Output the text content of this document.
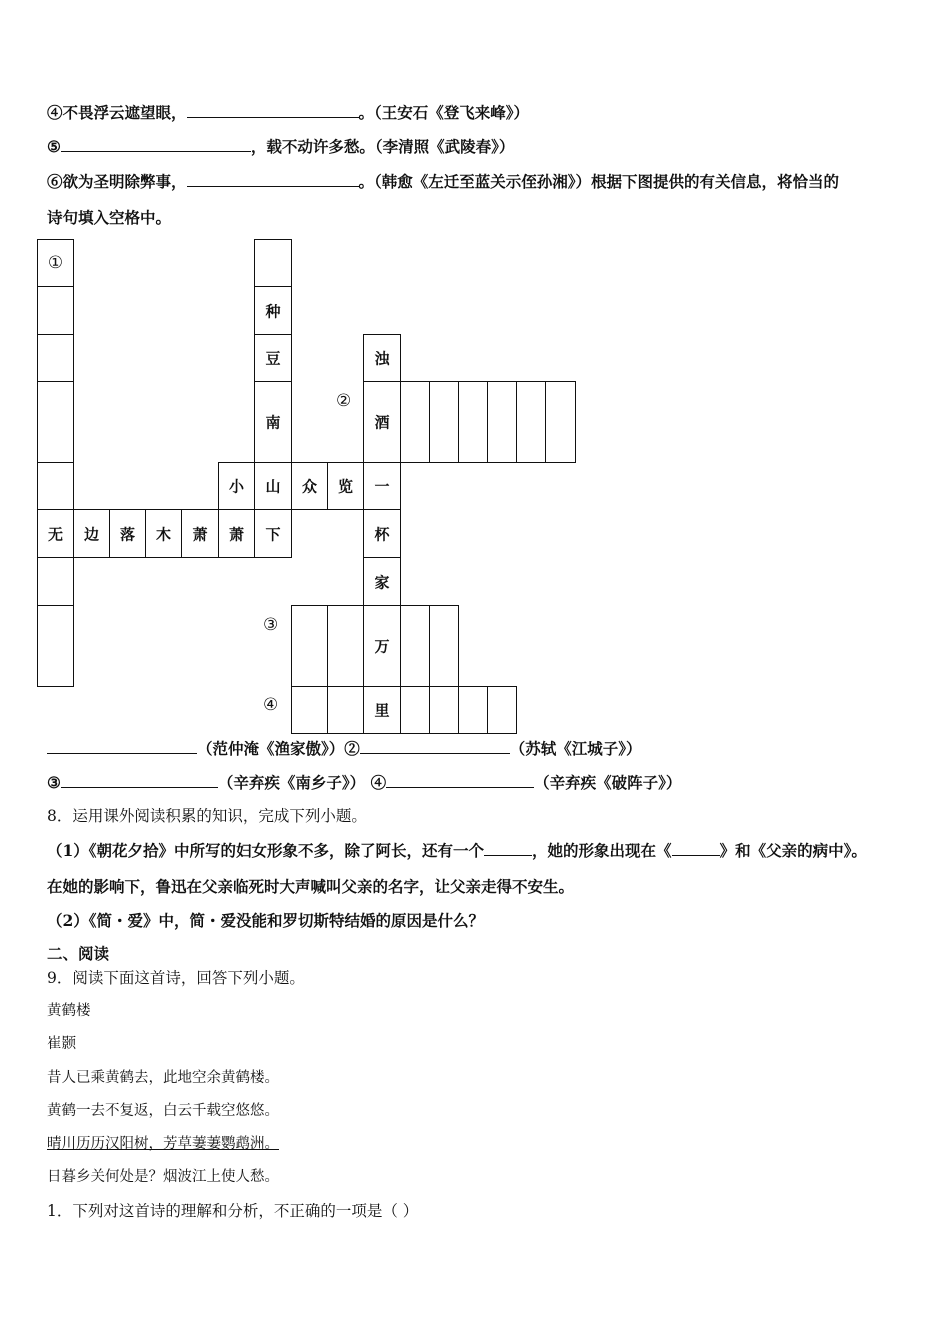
④不畏浮云遮望眼，	。（王安石《登飞来峰》）
⑤	，载不动许多愁。（李清照《武陵春》）
⑥欲为圣明除弊事，	。（韩愈《左迁至蓝关示侄孙湘》）根据下图提供的有关信息，将恰当的
诗句填入空格中。
①
无	边	落	木	萧	萧	下
种
豆
南
小	山	众	览	一
浊
酒
杯
家
万
里
②
③
④
（范仲淹《渔家傲》）②	（苏轼《江城子》）
③	（辛弃疾《南乡子》） ④	（辛弃疾《破阵子》）
8．运用课外阅读积累的知识，完成下列小题。
（1）《朝花夕拾》中所写的妇女形象不多，除了阿长，还有一个	，她的形象出现在《	》和《父亲的病中》。
在她的影响下，鲁迅在父亲临死时大声喊叫父亲的名字，让父亲走得不安生。
（2）《简・爱》中，简・爱没能和罗切斯特结婚的原因是什么？
二、阅读
9．阅读下面这首诗，回答下列小题。
黄鹤楼
崔颢
昔人已乘黄鹤去，此地空余黄鹤楼。
黄鹤一去不复返，白云千载空悠悠。
晴川历历汉阳树，芳草萋萋鹦鹉洲。
日暮乡关何处是？烟波江上使人愁。
1．下列对这首诗的理解和分析，不正确的一项是（ ）
